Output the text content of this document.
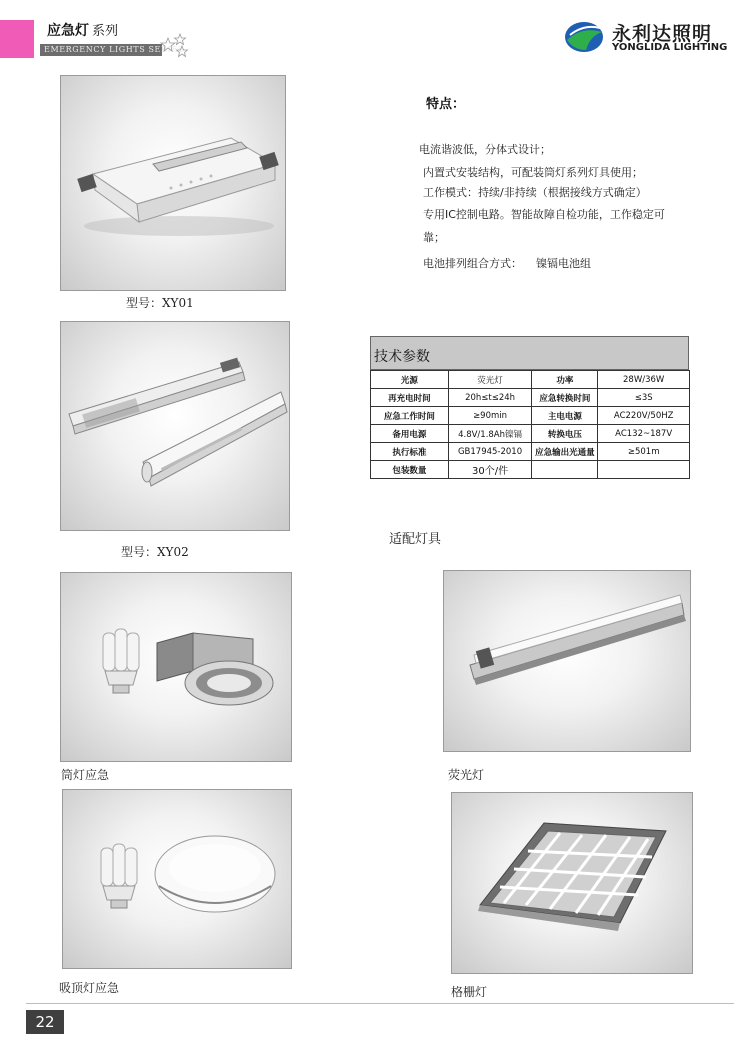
应急灯 系列
EMERGENCY LIGHTS SERIES
永利达照明
YONGLIDA LIGHTING
型号：XY01
型号：XY02
特点：
电流谐波低，分体式设计；
内置式安装结构，可配装筒灯系列灯具使用；
工作模式：持续/非持续（根据接线方式确定）
专用IC控制电路。智能故障自检功能，工作稳定可
靠；
电池排列组合方式：    镍镉电池组
技术参数
光源	荧光灯	功率	28W/36W
再充电时间	20h≤t≤24h	应急转换时间	≤3S
应急工作时间	≥90min	主电电源	AC220V/50HZ
备用电源	4.8V/1.8Ah镍镉	转换电压	AC132~187V
执行标准	GB17945-2010	应急输出光通量	≥501m
包装数量	30个/件		
适配灯具
筒灯应急	荧光灯
吸顶灯应急	格栅灯
22
